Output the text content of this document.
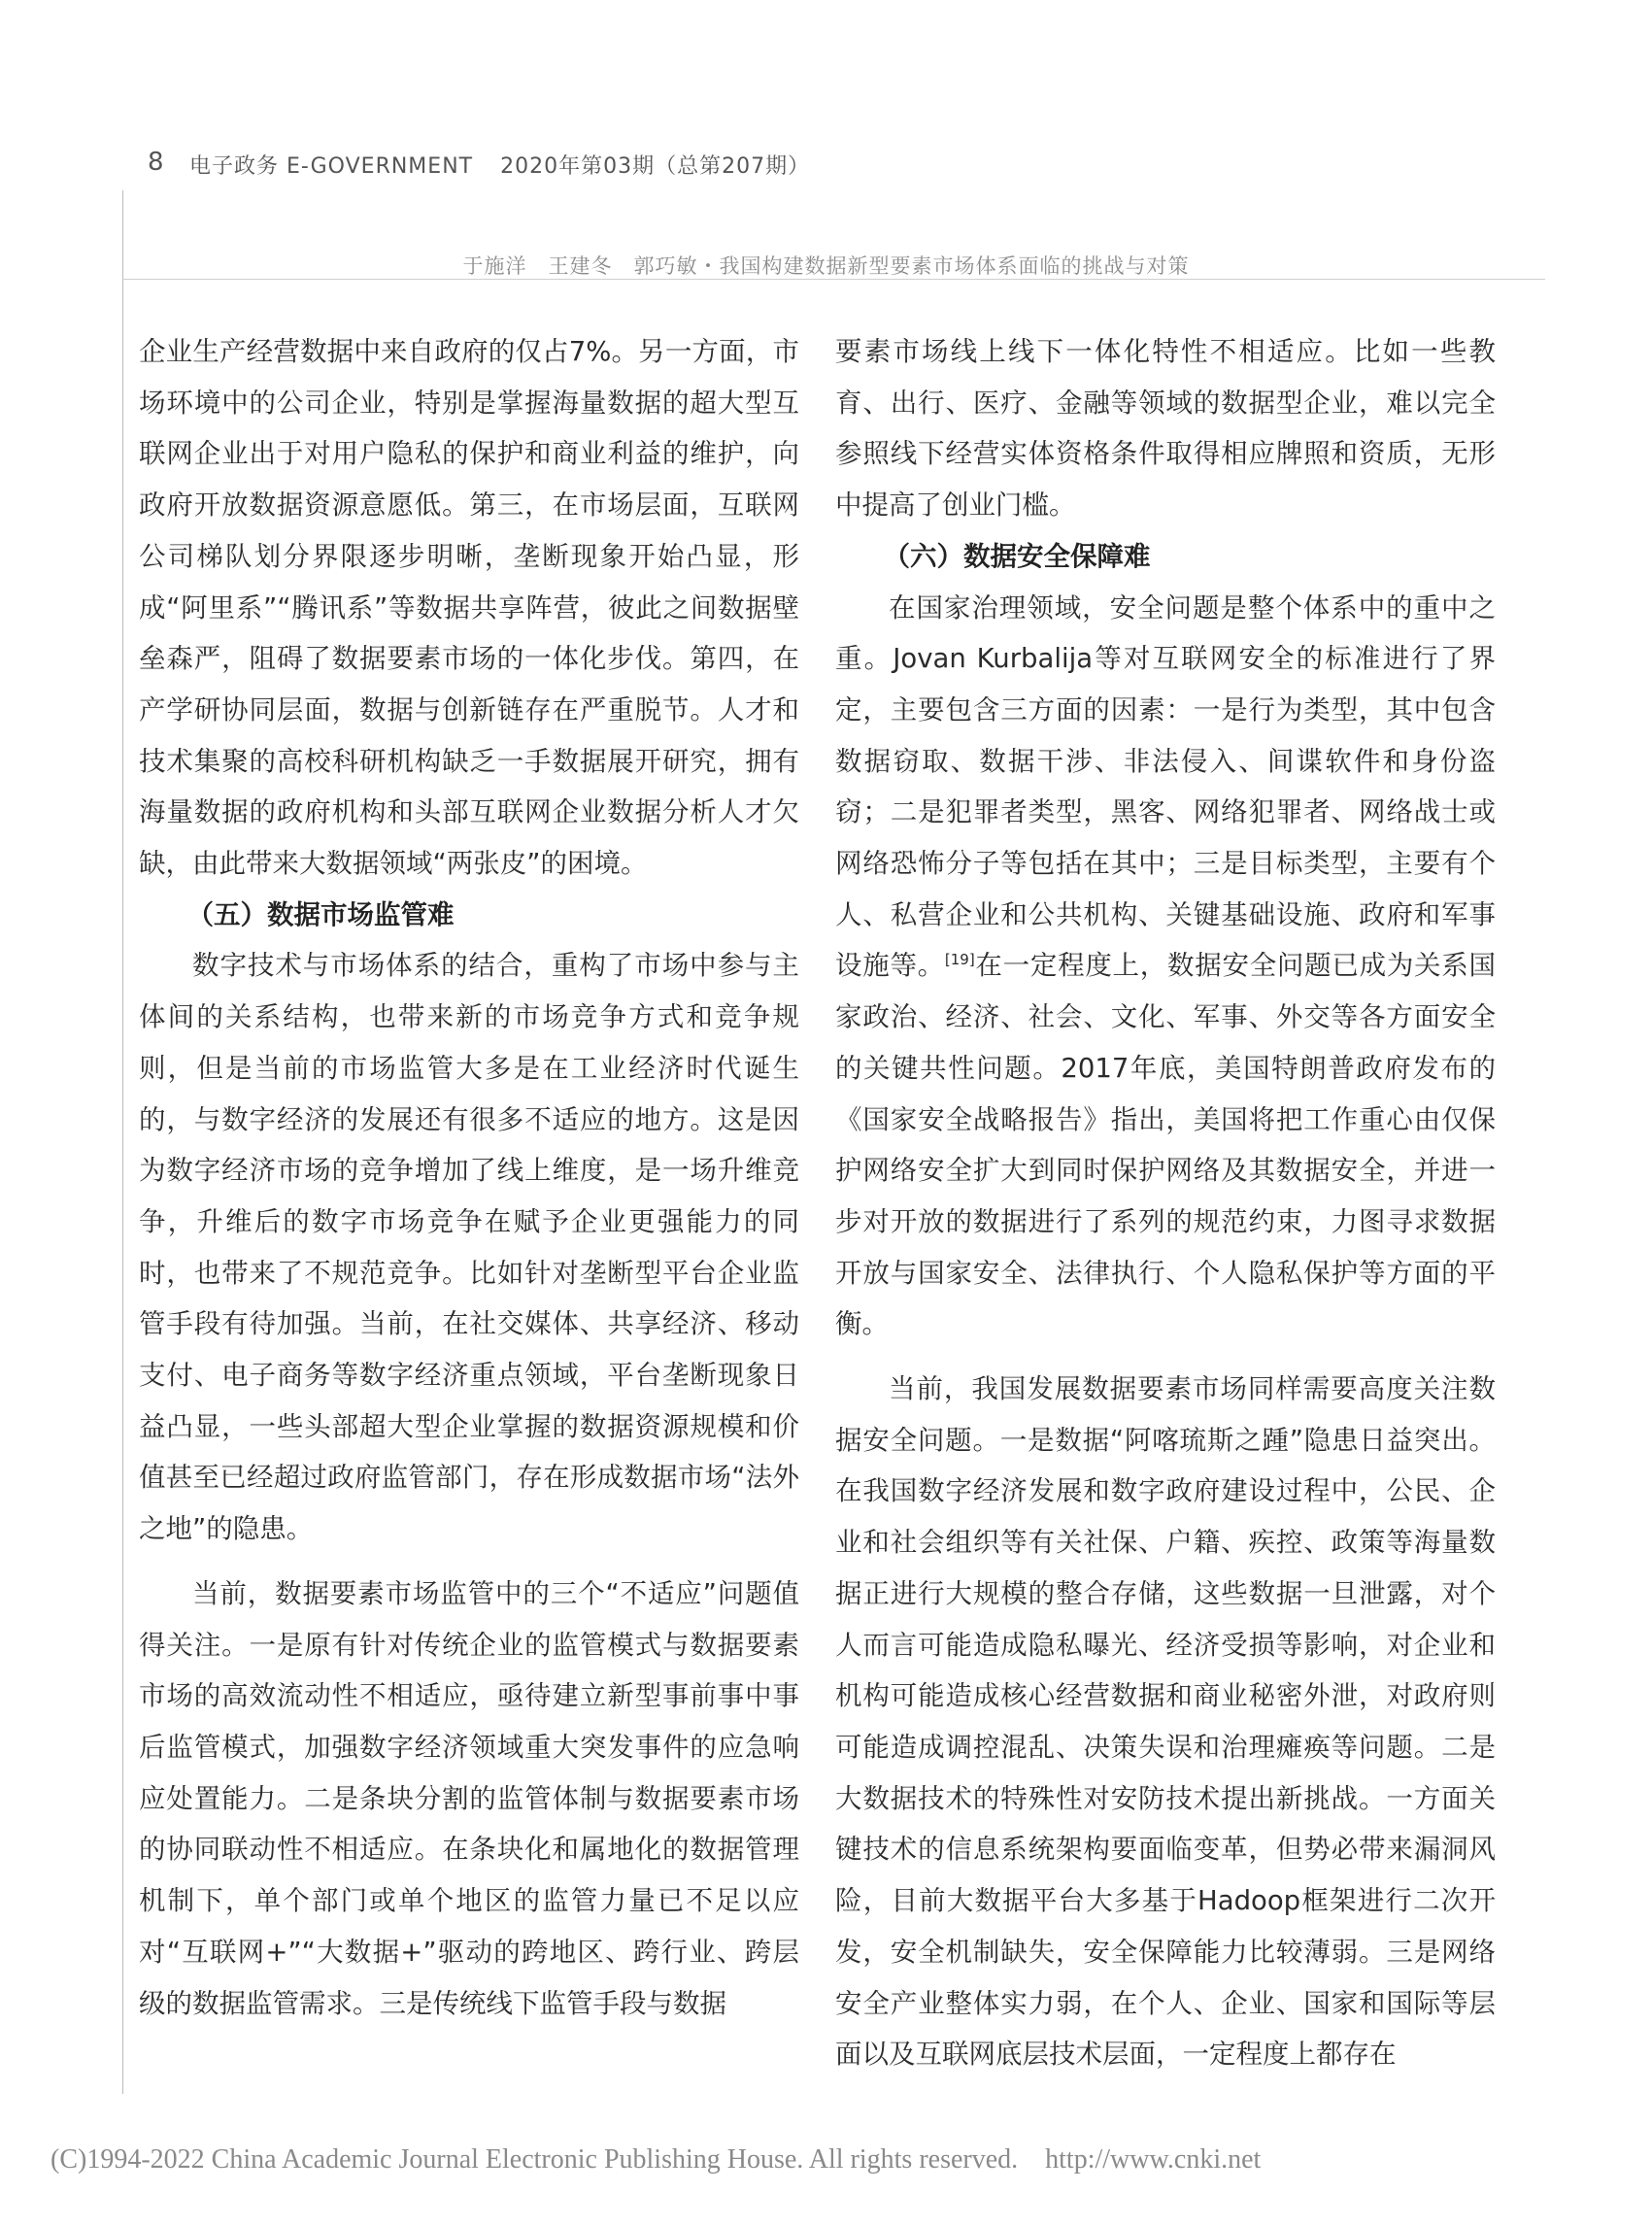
8 电子政务 E-GOVERNMENT 2020年第03期（总第207期）
于施洋　王建冬　郭巧敏・我国构建数据新型要素市场体系面临的挑战与对策

企业生产经营数据中来自政府的仅占7%。另一方面，市场环境中的公司企业，特别是掌握海量数据的超大型互联网企业出于对用户隐私的保护和商业利益的维护，向政府开放数据资源意愿低。第三，在市场层面，互联网公司梯队划分界限逐步明晰，垄断现象开始凸显，形成“阿里系”“腾讯系”等数据共享阵营，彼此之间数据壁垒森严，阻碍了数据要素市场的一体化步伐。第四，在产学研协同层面，数据与创新链存在严重脱节。人才和技术集聚的高校科研机构缺乏一手数据展开研究，拥有海量数据的政府机构和头部互联网企业数据分析人才欠缺，由此带来大数据领域“两张皮”的困境。

（五）数据市场监管难

数字技术与市场体系的结合，重构了市场中参与主体间的关系结构，也带来新的市场竞争方式和竞争规则，但是当前的市场监管大多是在工业经济时代诞生的，与数字经济的发展还有很多不适应的地方。这是因为数字经济市场的竞争增加了线上维度，是一场升维竞争，升维后的数字市场竞争在赋予企业更强能力的同时，也带来了不规范竞争。比如针对垄断型平台企业监管手段有待加强。当前，在社交媒体、共享经济、移动支付、电子商务等数字经济重点领域，平台垄断现象日益凸显，一些头部超大型企业掌握的数据资源规模和价值甚至已经超过政府监管部门，存在形成数据市场“法外之地”的隐患。

当前，数据要素市场监管中的三个“不适应”问题值得关注。一是原有针对传统企业的监管模式与数据要素市场的高效流动性不相适应，亟待建立新型事前事中事后监管模式，加强数字经济领域重大突发事件的应急响应处置能力。二是条块分割的监管体制与数据要素市场的协同联动性不相适应。在条块化和属地化的数据管理机制下，单个部门或单个地区的监管力量已不足以应对“互联网+”“大数据+”驱动的跨地区、跨行业、跨层级的数据监管需求。三是传统线下监管手段与数据

要素市场线上线下一体化特性不相适应。比如一些教育、出行、医疗、金融等领域的数据型企业，难以完全参照线下经营实体资格条件取得相应牌照和资质，无形中提高了创业门槛。

（六）数据安全保障难

在国家治理领域，安全问题是整个体系中的重中之重。Jovan Kurbalija等对互联网安全的标准进行了界定，主要包含三方面的因素：一是行为类型，其中包含数据窃取、数据干涉、非法侵入、间谍软件和身份盗窃；二是犯罪者类型，黑客、网络犯罪者、网络战士或网络恐怖分子等包括在其中；三是目标类型，主要有个人、私营企业和公共机构、关键基础设施、政府和军事设施等。[19]在一定程度上，数据安全问题已成为关系国家政治、经济、社会、文化、军事、外交等各方面安全的关键共性问题。2017年底，美国特朗普政府发布的《国家安全战略报告》指出，美国将把工作重心由仅保护网络安全扩大到同时保护网络及其数据安全，并进一步对开放的数据进行了系列的规范约束，力图寻求数据开放与国家安全、法律执行、个人隐私保护等方面的平衡。

当前，我国发展数据要素市场同样需要高度关注数据安全问题。一是数据“阿喀琉斯之踵”隐患日益突出。在我国数字经济发展和数字政府建设过程中，公民、企业和社会组织等有关社保、户籍、疾控、政策等海量数据正进行大规模的整合存储，这些数据一旦泄露，对个人而言可能造成隐私曝光、经济受损等影响，对企业和机构可能造成核心经营数据和商业秘密外泄，对政府则可能造成调控混乱、决策失误和治理瘫痪等问题。二是大数据技术的特殊性对安防技术提出新挑战。一方面关键技术的信息系统架构要面临变革，但势必带来漏洞风险，目前大数据平台大多基于Hadoop框架进行二次开发，安全机制缺失，安全保障能力比较薄弱。三是网络安全产业整体实力弱，在个人、企业、国家和国际等层面以及互联网底层技术层面，一定程度上都存在

(C)1994-2022 China Academic Journal Electronic Publishing House. All rights reserved. http://www.cnki.net
